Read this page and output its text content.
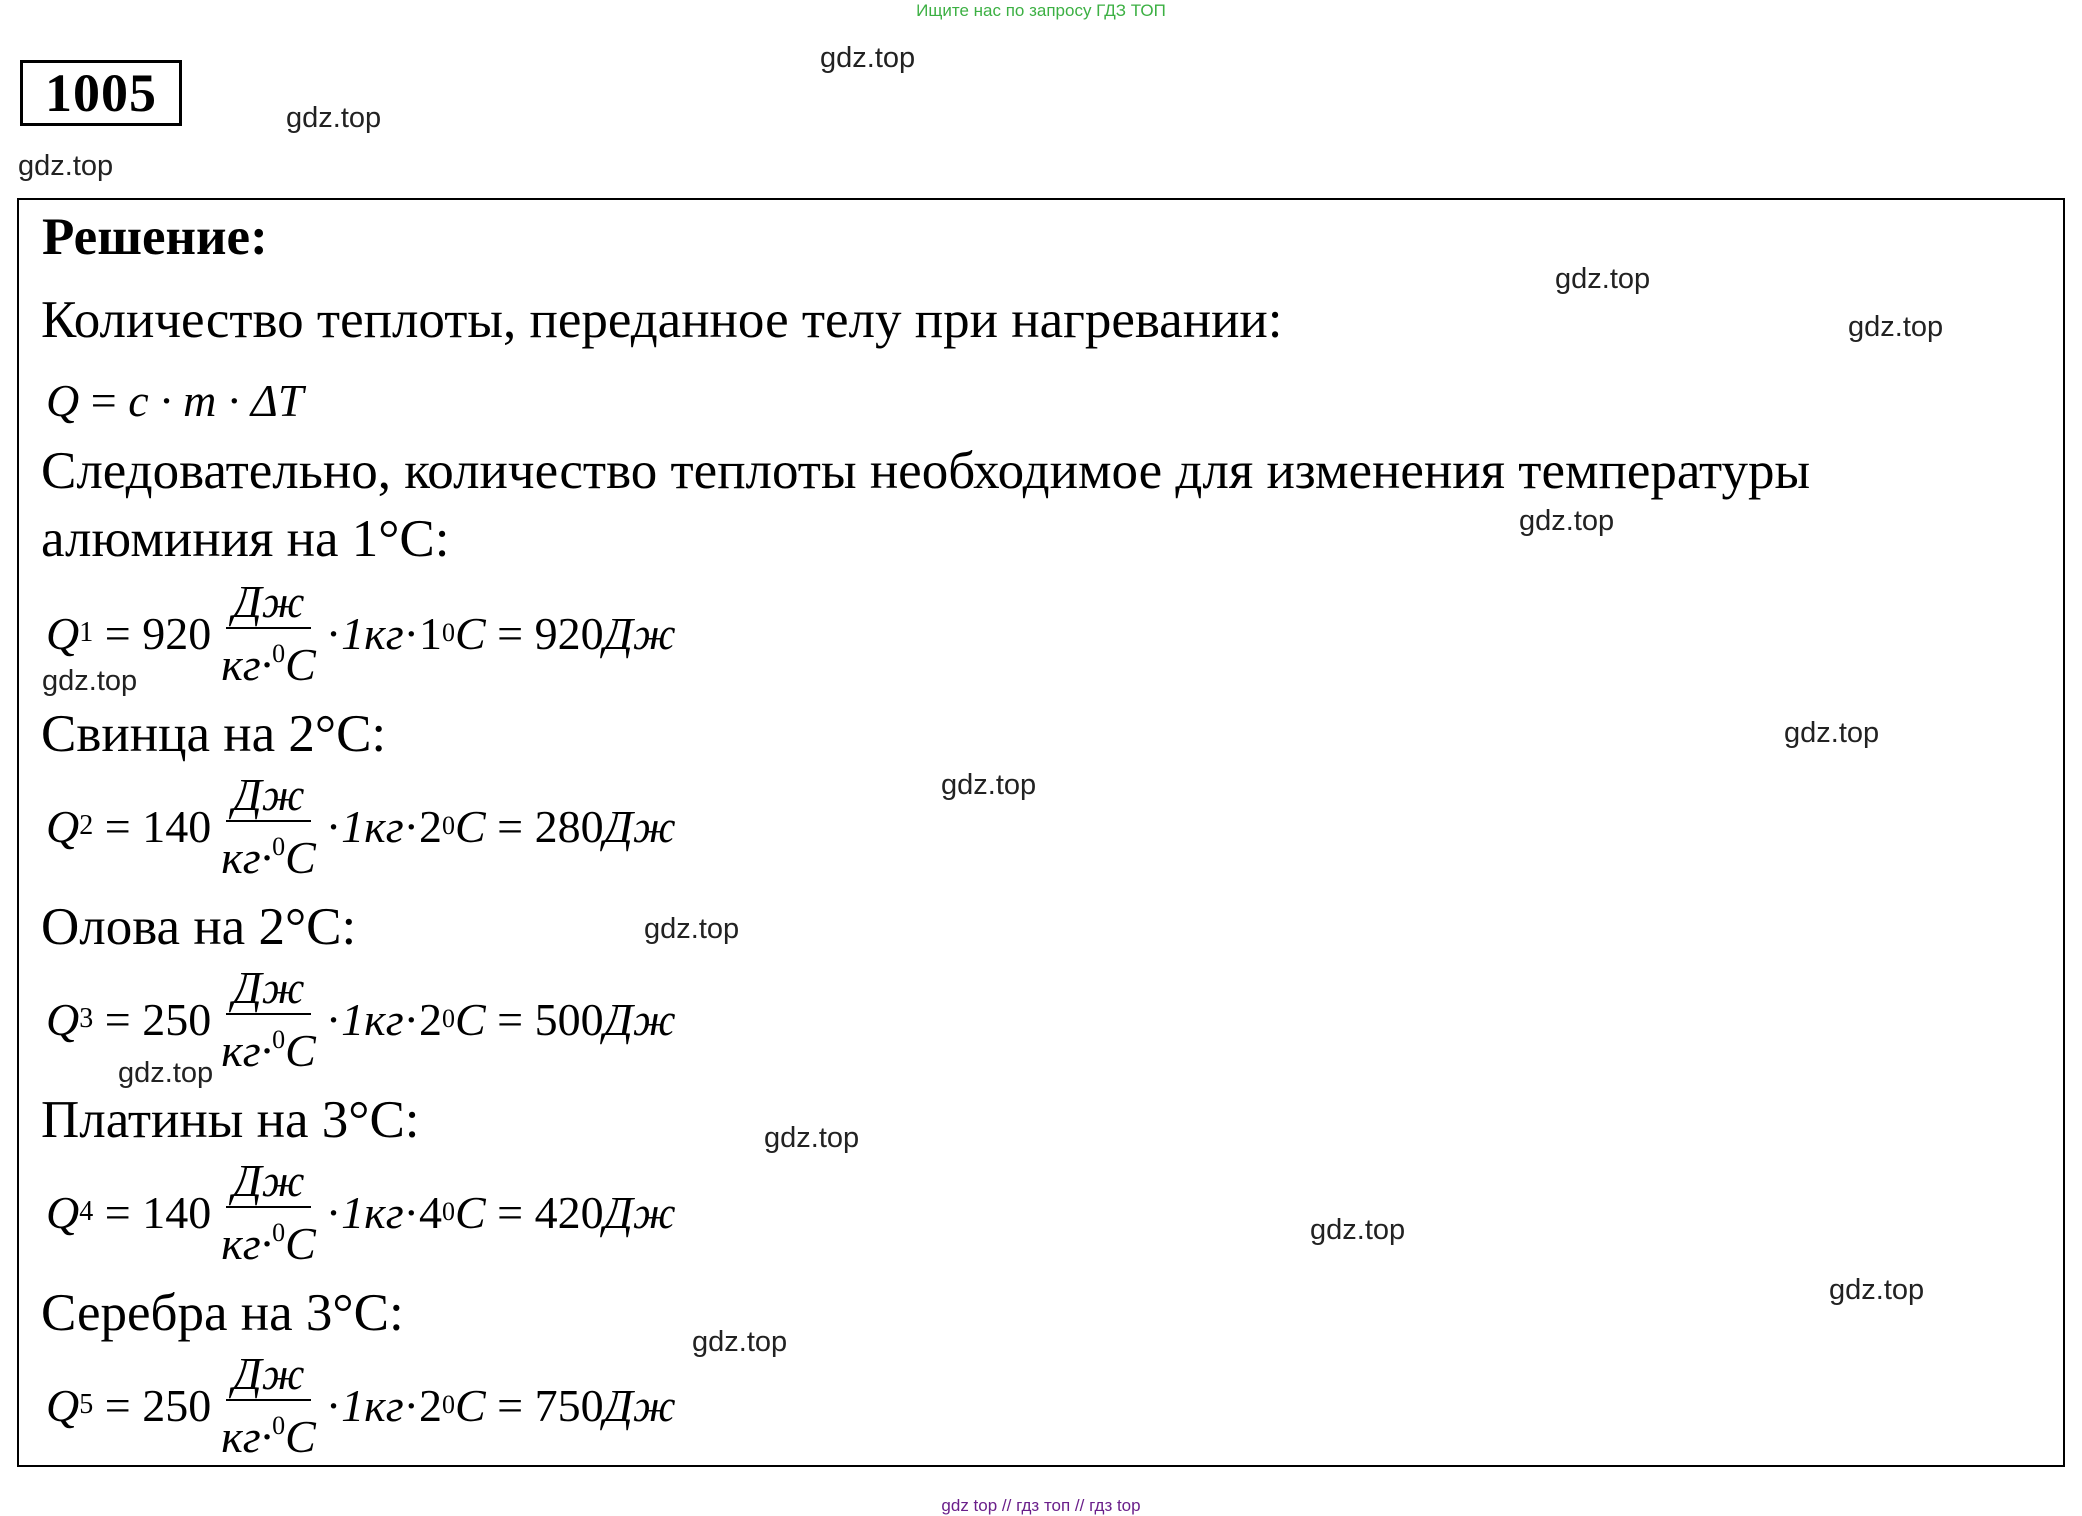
Ищите нас по запросу ГДЗ ТОП
1005
Решение:
Количество теплоты, переданное телу при нагревании:
Q = c · m · ΔT
Следовательно, количество теплоты необходимое для изменения температуры
алюминия на 1°С:
Q $1 = 920 \frac{Дж}{кг\cdot^0C} \cdot 1кг \cdot 1$ 0 C = 920 Дж
Свинца на 2°С:
Q $2 = 140 \frac{Дж}{кг\cdot^0C} \cdot 1кг \cdot 2$ 0 C = 280 Дж
Олова на 2°С:
Q $3 = 250 \frac{Дж}{кг\cdot^0C} \cdot 1кг \cdot 2$ 0 C = 500 Дж
Платины на 3°С:
Q $4 = 140 \frac{Дж}{кг\cdot^0C} \cdot 1кг \cdot 4$ 0 C = 420 Дж
Серебра на 3°С:
Q $5 = 250 \frac{Дж}{кг\cdot^0C} \cdot 1кг \cdot 2$ 0 C = 750 Дж
gdz.top
gdz.top
gdz.top
gdz.top
gdz.top
gdz.top
gdz.top
gdz.top
gdz.top
gdz.top
gdz.top
gdz.top
gdz.top
gdz.top
gdz.top
gdz top // гдз топ // гдз top
